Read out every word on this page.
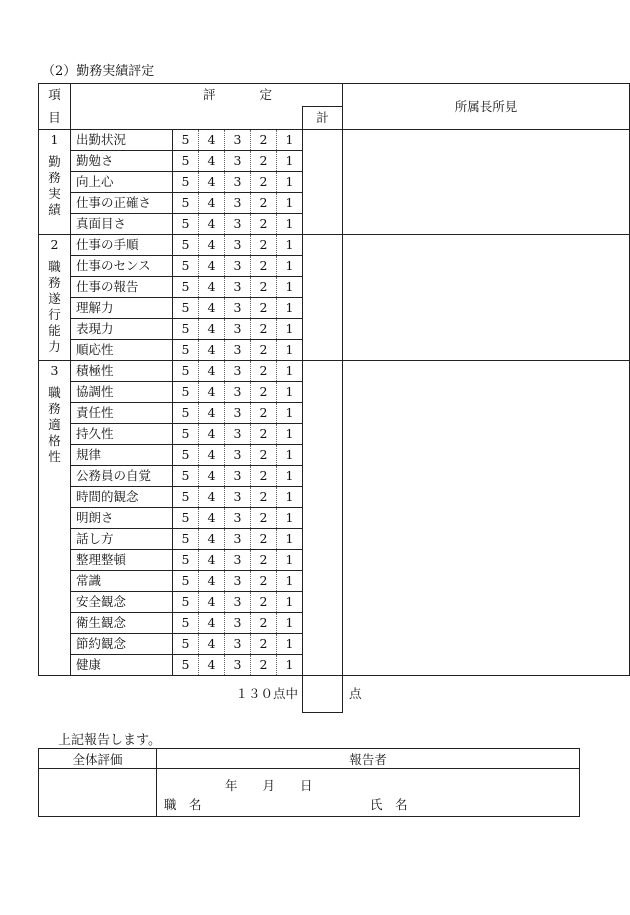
（2）勤務実績評定
項	評 定							所属長所見
目							計	

1
勤務実績	出勤状況	5	4	3	2	1		
	勤勉さ	5	4	3	2	1		
	向上心	5	4	3	2	1		
	仕事の正確さ	5	4	3	2	1		
	真面目さ	5	4	3	2	1		

2
職務遂行能力	仕事の手順	5	4	3	2	1		
	仕事のセンス	5	4	3	2	1		
	仕事の報告	5	4	3	2	1		
	理解力	5	4	3	2	1		
	表現力	5	4	3	2	1		
	順応性	5	4	3	2	1		

3
職務適格性	積極性	5	4	3	2	1		
	協調性	5	4	3	2	1		
	責任性	5	4	3	2	1		
	持久性	5	4	3	2	1		
	規律	5	4	3	2	1		
	公務員の自覚	5	4	3	2	1		
	時間的観念	5	4	3	2	1		
	明朗さ	5	4	3	2	1		
	話し方	5	4	3	2	1		
	整理整頓	5	4	3	2	1		
	常識	5	4	3	2	1		
	安全観念	5	4	3	2	1		
	衛生観念	5	4	3	2	1		
	節約観念	5	4	3	2	1		
	健康	5	4	3	2	1		
		１３０点中						点
上記報告します。
全体評価	報告者

年　　月　　日
職　名	氏　名
